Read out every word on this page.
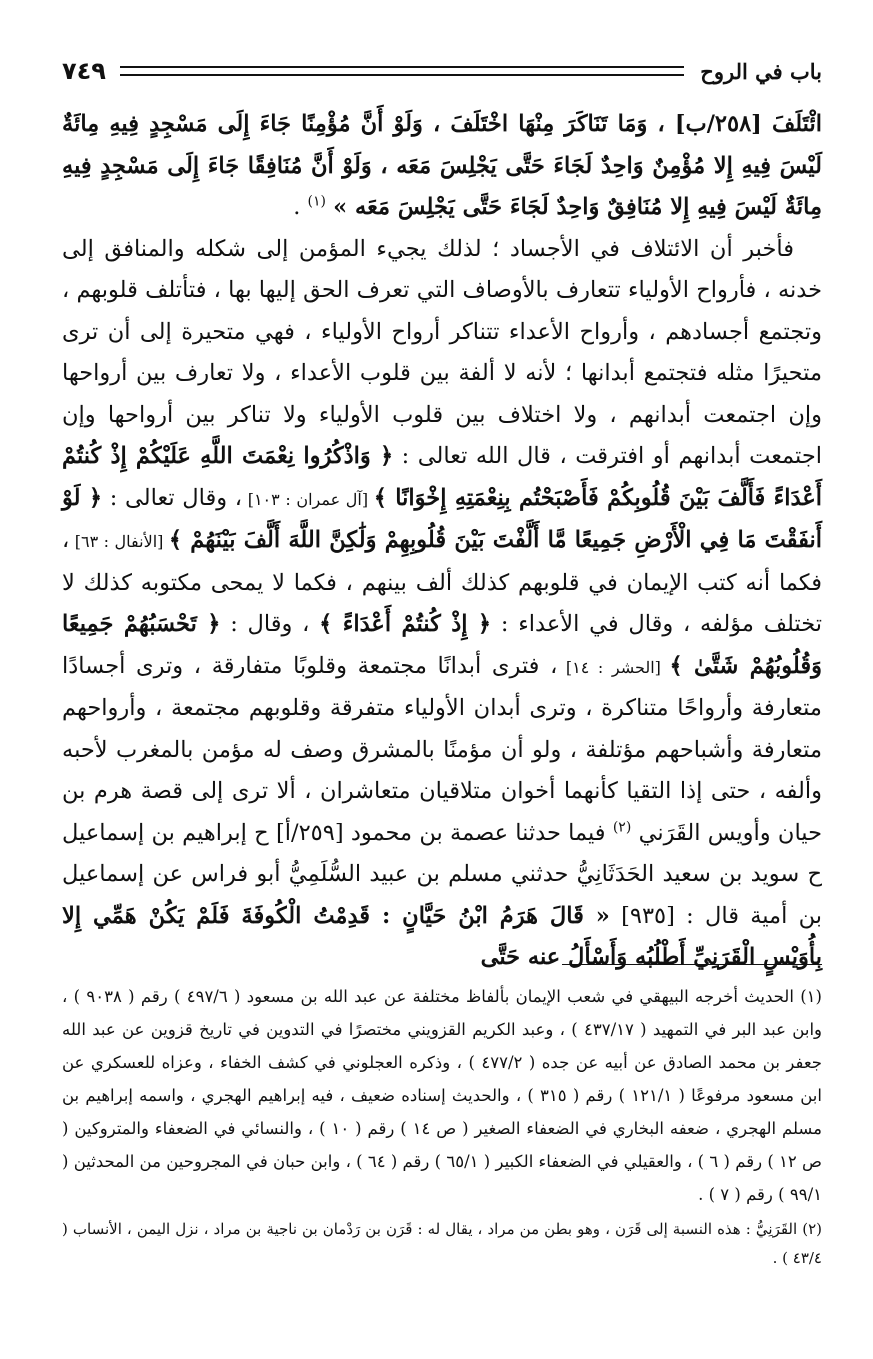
باب في الروح
٧٤٩

ائْتَلَفَ [٢٥٨/ب] ، وَمَا تَنَاكَرَ مِنْهَا اخْتَلَفَ ، وَلَوْ أَنَّ مُؤْمِنًا جَاءَ إِلَى مَسْجِدٍ فِيهِ مِائَةٌ لَيْسَ فِيهِ إِلا مُؤْمِنٌ وَاحِدٌ لَجَاءَ حَتَّى يَجْلِسَ مَعَه ، وَلَوْ أَنَّ مُنَافِقًا جَاءَ إِلَى مَسْجِدٍ فِيهِ مِائَةٌ لَيْسَ فِيهِ إِلا مُنَافِقٌ وَاحِدٌ لَجَاءَ حَتَّى يَجْلِسَ مَعَه » $^{(١)}$ .

فأخبر أن الائتلاف في الأجساد ؛ لذلك يجيء المؤمن إلى شكله والمنافق إلى خدنه ، فأرواح الأولياء تتعارف بالأوصاف التي تعرف الحق إليها بها ، فتأتلف قلوبهم ، وتجتمع أجسادهم ، وأرواح الأعداء تتناكر أرواح الأولياء ، فهي متحيرة إلى أن ترى متحيرًا مثله فتجتمع أبدانها ؛ لأنه لا ألفة بين قلوب الأعداء ، ولا تعارف بين أرواحها وإن اجتمعت أبدانهم ، ولا اختلاف بين قلوب الأولياء ولا تناكر بين أرواحها وإن اجتمعت أبدانهم أو افترقت ، قال الله تعالى : ﴿ وَاذْكُرُوا نِعْمَتَ اللَّهِ عَلَيْكُمْ إِذْ كُنتُمْ أَعْدَاءً فَأَلَّفَ بَيْنَ قُلُوبِكُمْ فَأَصْبَحْتُم بِنِعْمَتِهِ إِخْوَانًا ﴾ [آل عمران : ١٠٣] ، وقال تعالى : ﴿ لَوْ أَنفَقْتَ مَا فِي الْأَرْضِ جَمِيعًا مَّا أَلَّفْتَ بَيْنَ قُلُوبِهِمْ وَلَٰكِنَّ اللَّهَ أَلَّفَ بَيْنَهُمْ ﴾ [الأنفال : ٦٣] ، فكما أنه كتب الإيمان في قلوبهم كذلك ألف بينهم ، فكما لا يمحى مكتوبه كذلك لا تختلف مؤلفه ، وقال في الأعداء : ﴿ إِذْ كُنتُمْ أَعْدَاءً ﴾ ، وقال : ﴿ تَحْسَبُهُمْ جَمِيعًا وَقُلُوبُهُمْ شَتَّىٰ ﴾ [الحشر : ١٤] ، فترى أبدانًا مجتمعة وقلوبًا متفارقة ، وترى أجسادًا متعارفة وأرواحًا متناكرة ، وترى أبدان الأولياء متفرقة وقلوبهم مجتمعة ، وأرواحهم متعارفة وأشباحهم مؤتلفة ، ولو أن مؤمنًا بالمشرق وصف له مؤمن بالمغرب لأحبه وألفه ، حتى إذا التقيا كأنهما أخوان متلاقيان متعاشران ، ألا ترى إلى قصة هرم بن حيان وأويس القَرَني $^{(٢)}$ فيما حدثنا عصمة بن محمود [٢٥٩/أ] ح إبراهيم بن إسماعيل ح سويد بن سعيد الحَدَثَانِيُّ حدثني مسلم بن عبيد السُّلَمِيُّ أبو فراس عن إسماعيل بن أمية قال : [٩٣٥] « قَالَ هَرَمُ ابْنُ حَيَّانٍ : قَدِمْتُ الْكُوفَةَ فَلَمْ يَكُنْ هَمِّي إِلا بِأُوَيْسٍ الْقَرَنِيِّ أَطْلُبُه وَأَسْأَلُ عنه حَتَّى

(١) الحديث أخرجه البيهقي في شعب الإيمان بألفاظ مختلفة عن عبد الله بن مسعود ( ٤٩٧/٦ ) رقم ( ٩٠٣٨ ) ، وابن عبد البر في التمهيد ( ٤٣٧/١٧ ) ، وعبد الكريم القزويني مختصرًا في التدوين في تاريخ قزوين عن عبد الله جعفر بن محمد الصادق عن أبيه عن جده ( ٤٧٧/٢ ) ، وذكره العجلوني في كشف الخفاء ، وعزاه للعسكري عن ابن مسعود مرفوعًا ( ١٢١/١ ) رقم ( ٣١٥ ) ، والحديث إسناده ضعيف ، فيه إبراهيم الهجري ، واسمه إبراهيم بن مسلم الهجري ، ضعفه البخاري في الضعفاء الصغير ( ص ١٤ ) رقم ( ١٠ ) ، والنسائي في الضعفاء والمتروكين ( ص ١٢ ) رقم ( ٦ ) ، والعقيلي في الضعفاء الكبير ( ٦٥/١ ) رقم ( ٦٤ ) ، وابن حبان في المجروحين من المحدثين ( ٩٩/١ ) رقم ( ٧ ) .

(٢) القَرَنِيُّ : هذه النسبة إلى قَرَن ، وهو بطن من مراد ، يقال له : قَرَن بن رَدْمان بن ناجية بن مراد ، نزل اليمن ، الأنساب ( ٤٣/٤ ) .
